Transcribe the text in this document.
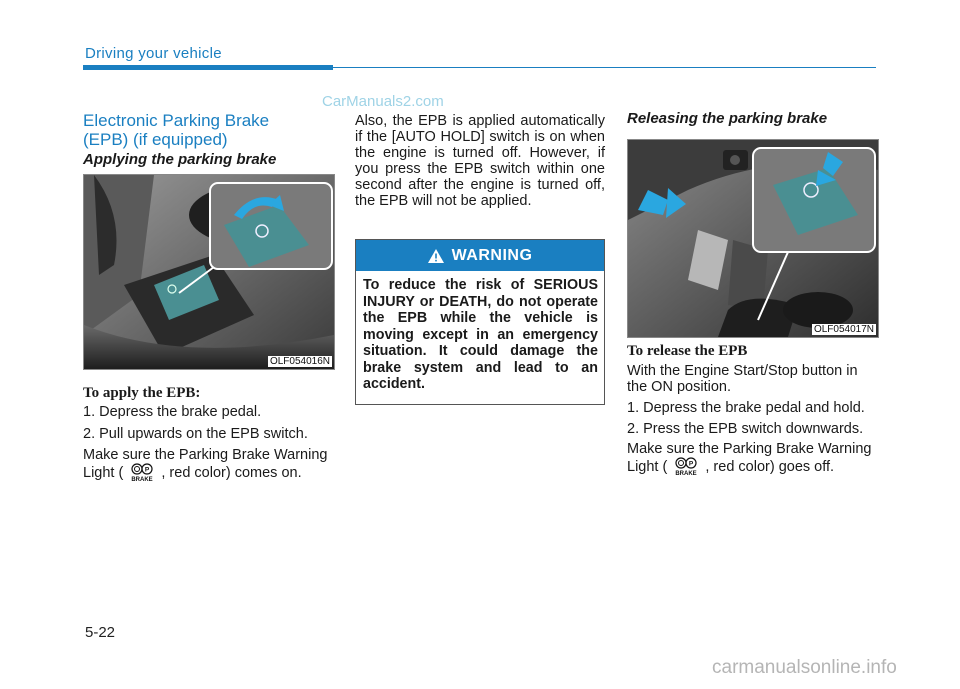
Driving your vehicle
CarManuals2.com
Electronic Parking Brake
(EPB) (if equipped)
Applying the parking brake
OLF054016N
To apply the EPB:
1. Depress the brake pedal.
2. Pull upwards on the EPB switch.
Make sure the Parking Brake Warning
Light (	P
BRAKE , red color) comes on.
Also, the EPB is applied automatically if the [AUTO HOLD] switch is on when the engine is turned off. However, if you press the EPB switch within one second after the engine is turned off, the EPB will not be applied.
WARNING
To reduce the risk of SERIOUS INJURY or DEATH, do not operate the EPB while the vehicle is moving except in an emergency situation. It could damage the brake system and lead to an accident.
Releasing the parking brake
OLF054017N
To release the EPB
With the Engine Start/Stop button in the ON position.
1. Depress the brake pedal and hold.
2. Press the EPB switch downwards.
Make sure the Parking Brake Warning
Light (	P
BRAKE , red color) goes off.
5-22
carmanualsonline.info
